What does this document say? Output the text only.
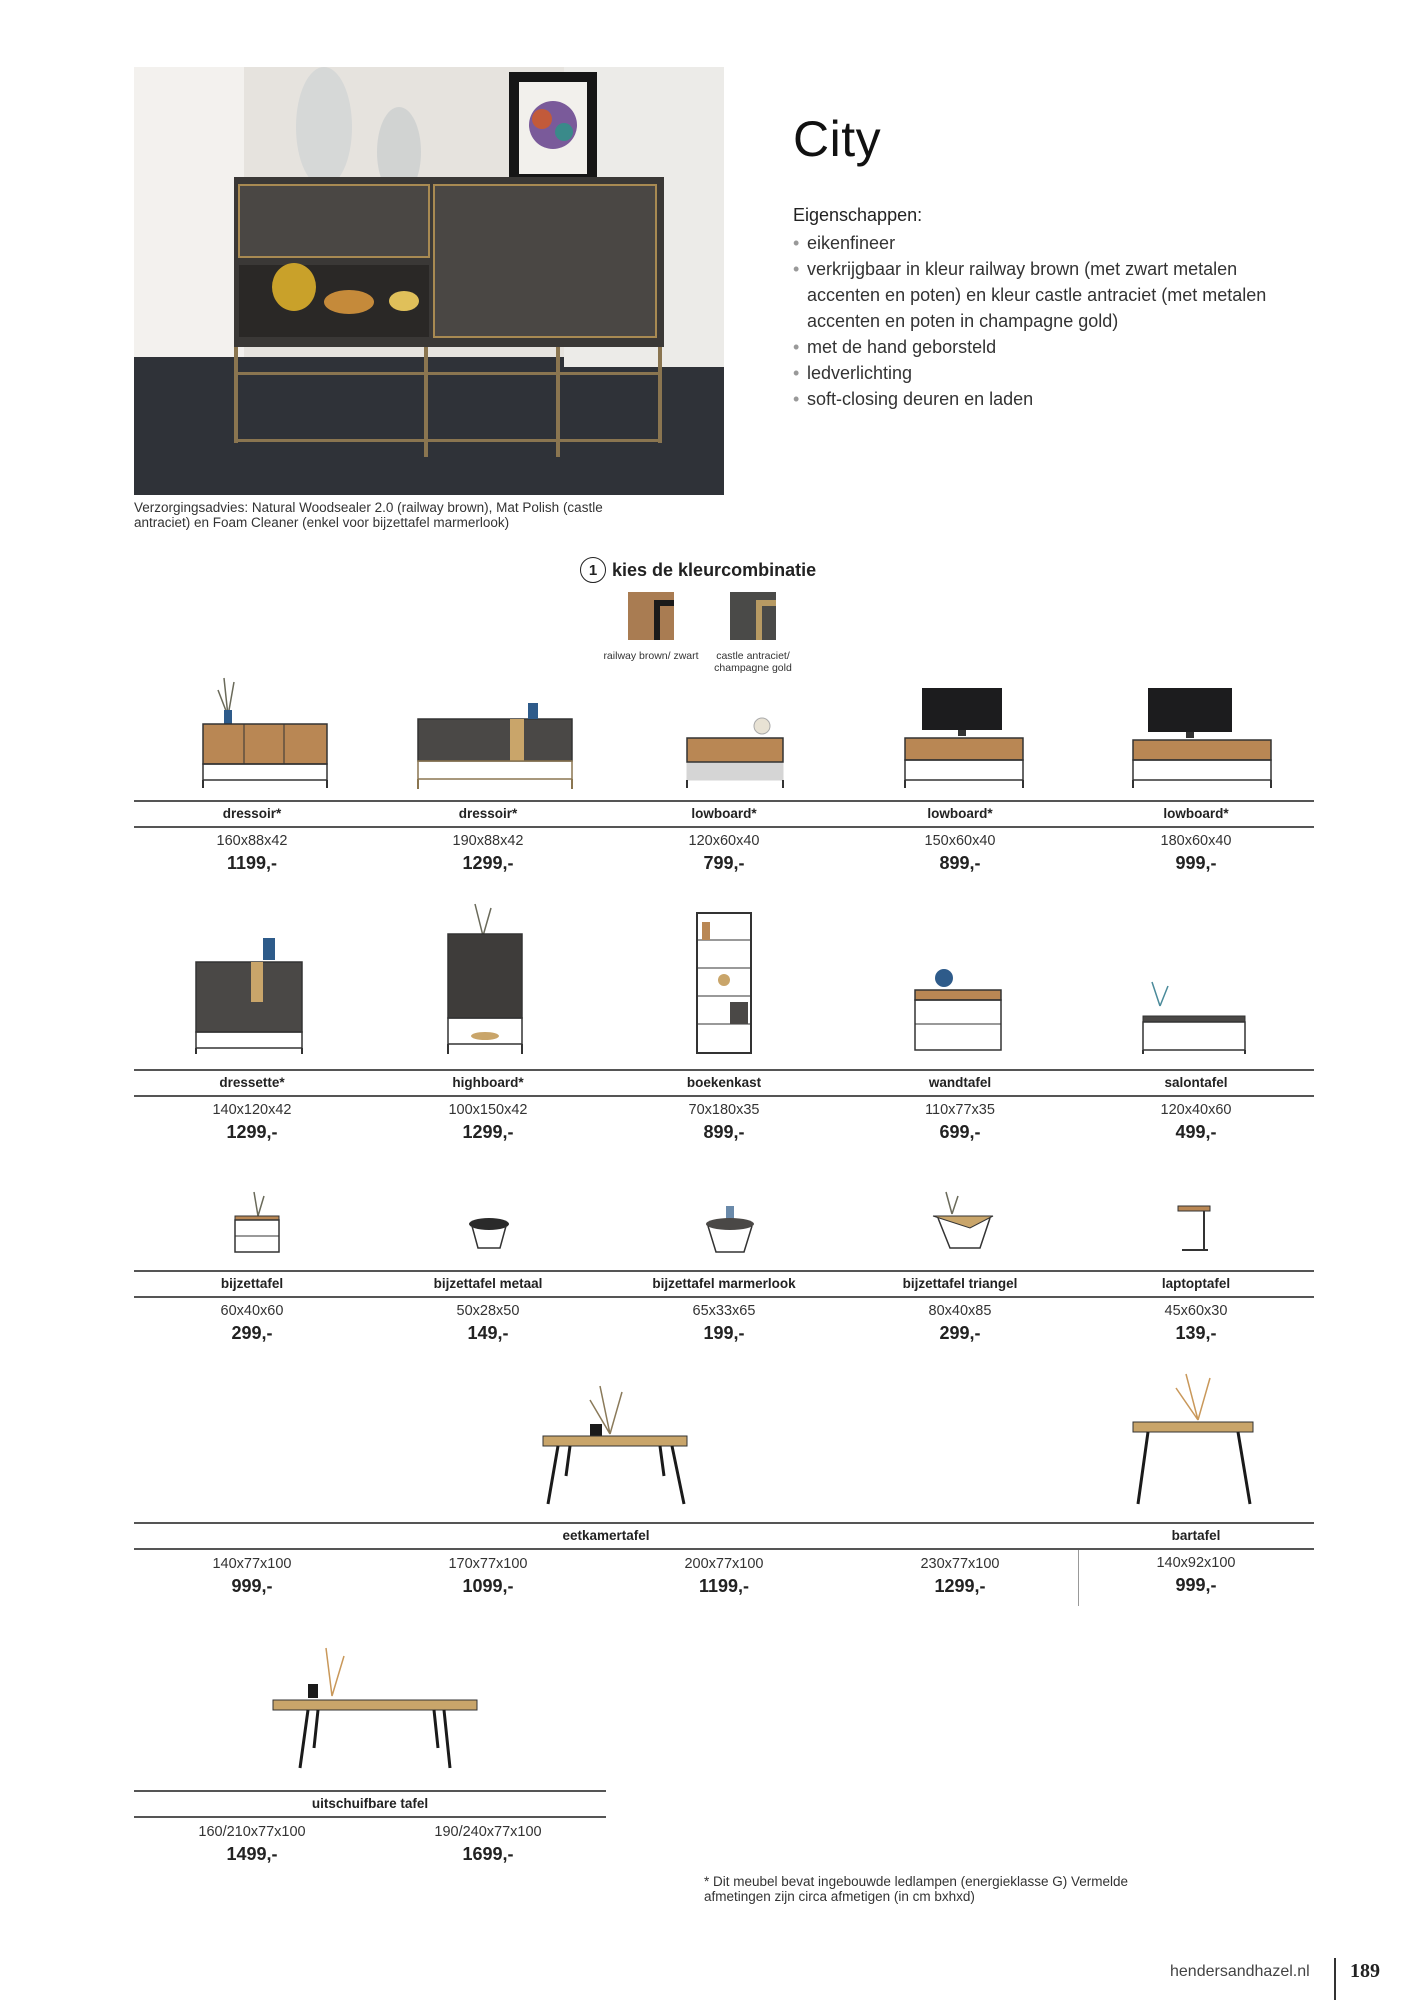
Verzorgingsadvies: Natural Woodsealer 2.0 (railway brown), Mat Polish (castle antraciet) en Foam Cleaner (enkel voor bijzettafel marmerlook)
City
Eigenschappen:
• eikenfineer
• verkrijgbaar in kleur railway brown (met zwart metalen accenten en poten) en kleur castle antraciet (met metalen accenten en poten in champagne gold)
• met de hand geborsteld
• ledverlichting
• soft-closing deuren en laden
1 kies de kleurcombinatie
railway brown/ zwart	castle antraciet/ champagne gold
dressoir*
160x88x42
1199,-
dressoir*
190x88x42
1299,-
lowboard*
120x60x40
799,-
lowboard*
150x60x40
899,-
lowboard*
180x60x40
999,-
dressette*
140x120x42
1299,-
highboard*
100x150x42
1299,-
boekenkast
70x180x35
899,-
wandtafel
110x77x35
699,-
salontafel
120x40x60
499,-
bijzettafel
60x40x60
299,-
bijzettafel metaal
50x28x50
149,-
bijzettafel marmerlook
65x33x65
199,-
bijzettafel triangel
80x40x85
299,-
laptoptafel
45x60x30
139,-
eetkamertafel
140x77x100
999,-
170x77x100
1099,-
200x77x100
1199,-
230x77x100
1299,-
bartafel
140x92x100
999,-
uitschuifbare tafel
160/210x77x100
1499,-
190/240x77x100
1699,-
* Dit meubel bevat ingebouwde ledlampen (energieklasse G) Vermelde afmetingen zijn circa afmetigen (in cm bxhxd)
hendersandhazel.nl 189
